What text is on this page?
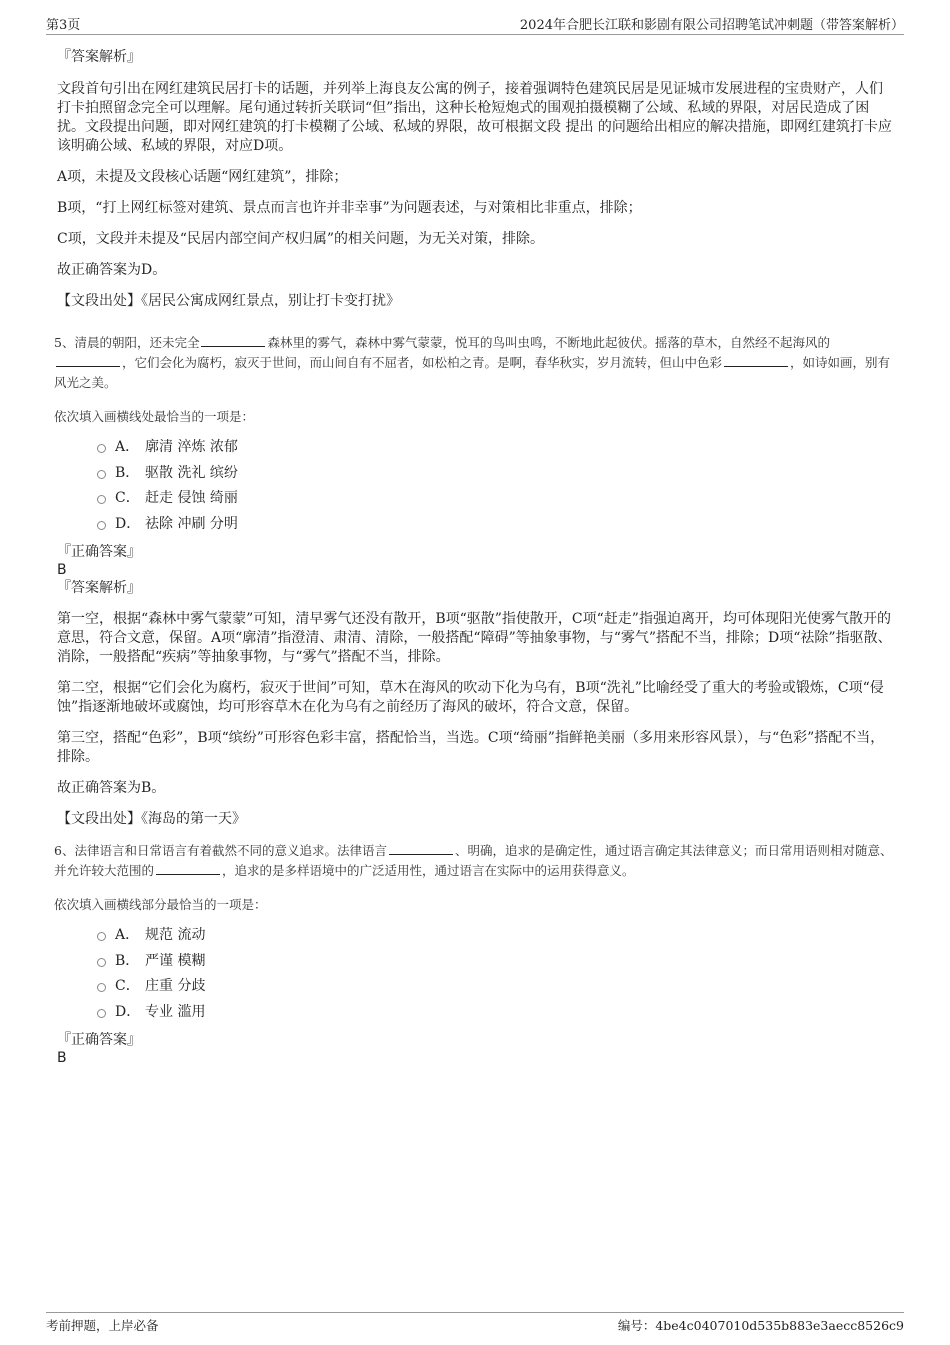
第3页	2024年合肥长江联和影剧有限公司招聘笔试冲刺题（带答案解析）

『答案解析』

文段首句引出在网红建筑民居打卡的话题，并列举上海良友公寓的例子，接着强调特色建筑民居是见证城市发展进程的宝贵财产，人们打卡拍照留念完全可以理解。尾句通过转折关联词“但”指出，这种长枪短炮式的围观拍摄模糊了公域、私域的界限，对居民造成了困扰。文段提出问题，即对网红建筑的打卡模糊了公域、私域的界限，故可根据文段 提出 的问题给出相应的解决措施，即网红建筑打卡应该明确公域、私域的界限，对应D项。

A项，未提及文段核心话题“网红建筑”，排除；

B项，“打上网红标签对建筑、景点而言也许并非幸事”为问题表述，与对策相比非重点，排除；

C项，文段并未提及“民居内部空间产权归属”的相关问题，为无关对策，排除。

故正确答案为D。

【文段出处】《居民公寓成网红景点，别让打卡变打扰》

5、清晨的朝阳，还未完全	森林里的雾气，森林中雾气蒙蒙，悦耳的鸟叫虫鸣，不断地此起彼伏。摇落的草木，自然经不起海风的，它们会化为腐朽，寂灭于世间，而山间自有不屈者，如松柏之青。是啊，春华秋实，岁月流转，但山中色彩	，如诗如画，别有风光之美。

依次填入画横线处最恰当的一项是：

A． 廓清 淬炼 浓郁
B． 驱散 洗礼 缤纷
C． 赶走 侵蚀 绮丽
D． 祛除 冲刷 分明

『正确答案』

B

『答案解析』

第一空，根据“森林中雾气蒙蒙”可知，清早雾气还没有散开，B项“驱散”指使散开，C项“赶走”指强迫离开，均可体现阳光使雾气散开的意思，符合文意，保留。A项“廓清”指澄清、肃清、清除，一般搭配“障碍”等抽象事物，与“雾气”搭配不当，排除；D项“祛除”指驱散、消除，一般搭配“疾病”等抽象事物，与“雾气”搭配不当，排除。

第二空，根据“它们会化为腐朽，寂灭于世间”可知，草木在海风的吹动下化为乌有，B项“洗礼”比喻经受了重大的考验或锻炼，C项“侵蚀”指逐渐地破坏或腐蚀，均可形容草木在化为乌有之前经历了海风的破坏，符合文意，保留。

第三空，搭配“色彩”，B项“缤纷”可形容色彩丰富，搭配恰当，当选。C项“绮丽”指鲜艳美丽（多用来形容风景），与“色彩”搭配不当，排除。

故正确答案为B。

【文段出处】《海岛的第一天》

6、法律语言和日常语言有着截然不同的意义追求。法律语言	、明确，追求的是确定性，通过语言确定其法律意义；而日常用语则相对随意、并允许较大范围的	，追求的是多样语境中的广泛适用性，通过语言在实际中的运用获得意义。

依次填入画横线部分最恰当的一项是：

A． 规范 流动
B． 严谨 模糊
C． 庄重 分歧
D． 专业 滥用

『正确答案』

B

考前押题，上岸必备	编号：4be4c0407010d535b883e3aecc8526c9
